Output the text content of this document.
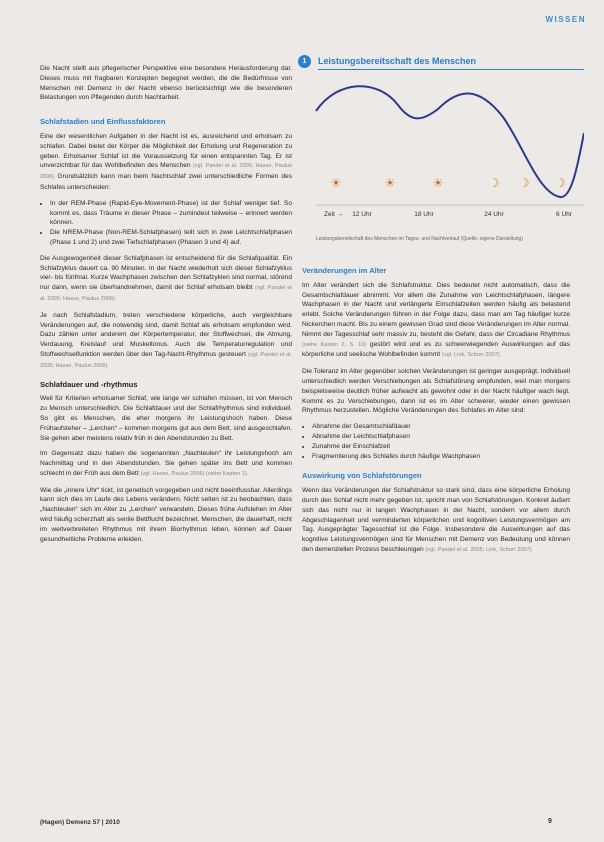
WISSEN

Die Nacht stellt aus pflegerischer Perspektive eine besondere Herausforderung dar. Dieses muss mit fragbaren Konzepten begegnet werden, die die Bedürfnisse von Menschen mit Demenz in der Nacht ebenso berücksichtigt wie die besonderen Belastungen von Pflegenden durch Nachtarbeit.

Schlafstadien und Einflussfaktoren

Eine der wesentlichen Aufgaben in der Nacht ist es, ausreichend und erholsam zu schlafen. Dabei bietet der Körper die Möglichkeit der Erholung und Regeneration zu geben. Erholsamer Schlaf ist die Voraussetzung für einen entspannten Tag. Er ist unverzichtbar für das Wohlbefinden des Menschen (vgl. Pandel et al. 2005; Hasse, Paulus 2006) Grundsätzlich kann man beim Nachtschlaf zwei unterschiedliche Formen des Schlafes unterscheiden:

• In der REM-Phase (Rapid-Eye-Movement-Phase) ist der Schlaf weniger tief. So kommt es, dass Träume in dieser Phase – zumindest teilweise – erinnert werden können.
• Die NREM-Phase (Non-REM-Schlafphasen) teilt sich in zwei Leichtschlafphasen (Phase 1 und 2) und zwei Tiefschlafphasen (Phasen 3 und 4) auf.

Die Ausgewogenheit dieser Schlafphasen ist entscheidend für die Schlafqualität. Ein Schlafzyklus dauert ca. 90 Minuten. In der Nacht wiederholt sich dieser Schlafzyklus vier- bis fünfmal. Kurze Wachphasen zwischen den Schlafzyklen sind normal, störend nur dann, wenn sie überhandnehmen, damit der Schlaf erholsam bleibt (vgl. Pandel et al. 2005; Hasse, Paulus 2006)

Je nach Schlafstadium, treten verschiedene körperliche, auch vergleichbare Veränderungen auf, die notwendig sind, damit Schlaf als erholsam empfunden wird. Dazu zählen unter anderem der Körpertemperatur, der Stoffwechsel, die Atmung, Verdauung, Kreislauf und Muskeltonus. Auch die Temperaturregulation und Stoffwechselfunktion werden über den Tag-Nacht-Rhythmus gesteuert (vgl. Pandel et al. 2005; Hasse, Paulus 2006)

Schlafdauer und -rhythmus

Weil für Kriterien erholsamer Schlaf, wie lange wir schlafen müssen, ist von Mensch zu Mensch unterschiedlich. Die Schlafdauer und der Schlafrhythmus sind individuell. So gibt es Menschen, die eher morgens ihr Leistungshoch haben. Diese Frühaufsteher – „Lerchen“ – kommen morgens gut aus dem Bett, sind ausgeschlafen. Sie gehen aber meistens relativ früh in den Abendstunden zu Bett.

Im Gegensatz dazu haben die sogenannten „Nachteulen“ ihr Leistungshoch am Nachmittag und in den Abendstunden. Sie gehen später ins Bett und kommen schlecht in der Früh aus dem Bett (vgl. Hasse, Paulus 2006) (siehe Kasten 1).

Wie die „innere Uhr“ tickt, ist genetisch vorgegeben und nicht beeinflussbar. Allerdings kann sich dies im Laufe des Lebens verändern. Nicht selten ist zu beobachten, dass „Nachteulen“ sich im Alter zu „Lerchen“ verwandeln. Dieses frühe Aufstehen im Alter wird häufig scherzhaft als senile Bettflucht bezeichnet. Menschen, die dauerhaft, nicht im weitverbreiteten Rhythmus mit ihrem Biorhythmus leben, können auf Dauer gesundheitliche Probleme erleiden.

1	Leistungsbereitschaft des Menschen
☀	☀	☀	☽ ☽ ☽
Zeit → 12 Uhr	18 Uhr	24 Uhr	6 Uhr
Leistungsbereitschaft des Menschen im Tages- und Nachtverlauf (Quelle: eigene Darstellung)
Veränderungen im Alter

Im Alter verändert sich die Schlafstruktur. Dies bedeutet nicht automatisch, dass die Gesamtschlafdauer abnimmt. Vor allem die Zunahme von Leichtschlafphasen, längere Wachphasen in der Nacht und verlängerte Einschlafzeiten werden häufig als belastend erlebt. Solche Veränderungen führen in der Folge dazu, dass man am Tag häufiger kurze Nickerchen macht. Bis zu einem gewissen Grad sind diese Veränderungen im Alter normal. Nimmt der Tagesschlaf sehr massiv zu, besteht die Gefahr, dass der Circadiane Rhythmus (siehe Kasten 2, S. 10) gestört wird und es zu schwerwiegenden Auswirkungen auf das körperliche und seelische Wohlbefinden kommt (vgl. Link, Schorr 2007).

Die Toleranz im Alter gegenüber solchen Veränderungen ist geringer ausgeprägt. Individuell unterschiedlich werden Verschiebungen als Schlafstörung empfunden, weil man morgens beispielsweise deutlich früher aufwacht als gewohnt oder in der Nacht häufiger wach liegt. Kommt es zu Verschiebungen, dann ist es im Alter schwerer, wieder einen gewissen Rhythmus herzustellen. Mögliche Veränderungen des Schlafes im Alter sind:

• Abnahme der Gesamtschlafdauer
• Abnahme der Leichtschlafphasen
• Zunahme der Einschlafzeit
• Fragmentierung des Schlafes durch häufige Wachphasen
Auswirkung von Schlafstörungen

Wenn das Veränderungen der Schlafstruktur so stark sind, dass eine körperliche Erholung durch den Schlaf nicht mehr gegeben ist, spricht man von Schlafstörungen. Konkret äußert sich das nicht nur in langen Wachphasen in der Nacht, sondern vor allem durch Abgeschlagenheit und verminderten körperlichen und kognitiven Leistungsvermögen am Tag. Ausgeprägter Tagesschlaf ist die Folge. Insbesondere die Auswirkungen auf das kognitive Leistungsvermögen sind für Menschen mit Demenz von Bedeutung und können den demenziellen Prozess beschleunigen (vgl. Pandel et al. 2005; Link, Schorr 2007).

(Hagen) Demenz 57 | 2010	9
